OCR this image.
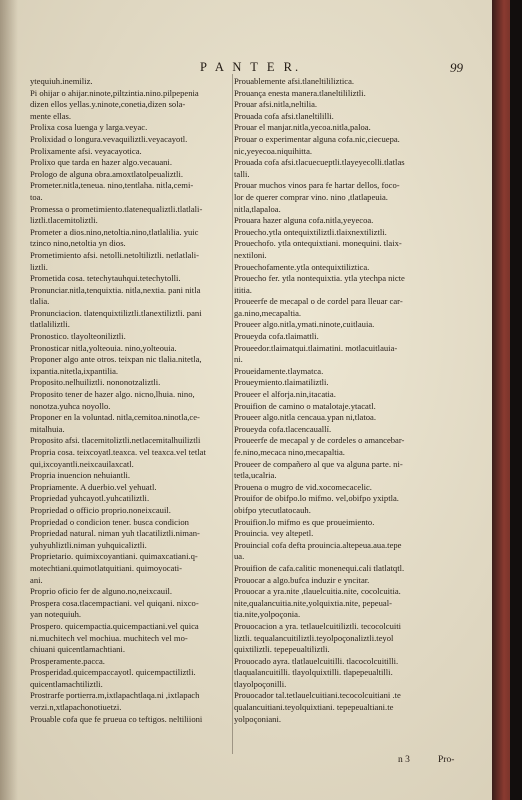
P A N T E R.	99
ytequiuh.inemiliz.
Pi ohijar o ahijar.ninote,piltzintia.nino.pilpepenia
dizen ellos yellas.y.ninote,conetia,dizen sola-
mente ellas.
Prolixa cosa luenga y larga.veyac.
Prolixidad o longura.vevaquiliztli.veyacayotl.
Prolixamente afsi. veyacayotica.
Prolixo que tarda en hazer algo.vecauani.
Prologo de alguna obra.amoxtlatolpeualiztli.
Prometer.nitla,teneua. nino,tentlaha. nitla,cemi-
toa.
Promessa o prometimiento.tlatenequaliztli.tlatlali-
liztli.tlacemitoliztli.
Prometer a dios.nino,netoltia.nino,tlatlalilia. yuic
tzinco nino,netoltia yn dios.
Prometimiento afsi. netolli.netoltiliztli. netlatlali-
liztli.
Prometida cosa. tetechytauhqui.tetechytolli.
Pronunciar.nitla,tenquixtia. nitla,nextia. pani nitla
tlalia.
Pronunciacion. tlatenquixtiliztli.tlanextiliztli. pani
tlatlaliliztli.
Pronostico. tlayolteoniliztli.
Pronosticar nitla,yolteouia. nino,yolteouia.
Proponer algo ante otros. teixpan nic tlalia.nitetla,
ixpantia.nitetla,ixpantilia.
Proposito.nelhuiliztli. nononotzaliztli.
Proposito tener de hazer algo. nicno,lhuia. nino,
nonotza.yuhca noyollo.
Proponer en la voluntad. nitla,cemitoa.ninotla,ce-
mitalhuia.
Proposito afsi. tlacemitoliztli.netlacemitalhuiliztli
Propria cosa. teixcoyatl.teaxca. vel teaxca.vel tetlat
qui,ixcoyantli.neixcauilaxcatl.
Propria inuencion nehuiantli.
Propriamente. A duerbio.vel yehuatl.
Propriedad yuhcayotl.yuhcatiliztli.
Propriedad o officio proprio.noneixcauil.
Propriedad o condicion tener. busca condicion
Propriedad natural. niman yuh tlacatiliztli.niman-
yuhyuhliztli.niman yuhquicaliztli.
Proprietario. quimixcoyantiani. quimaxcatiani.q-
motechtiani.quimotlatquitiani. quimoyocati-
ani.
Proprio oficio fer de alguno.no,neixcauil.
Prospera cosa.tlacempactiani. vel quiqani. nixco-
yan notequiuh.
Prospero. quicempactia.quicempactiani.vel quica
ni.muchitech vel mochiua. muchitech vel mo-
chiuani quicentlamachtiani.
Prosperamente.pacca.
Prosperidad.quicempaccayotl. quicempactiliztli.
quicentlamachtiliztli.
Prostrarfe portierra.m,ixtlapachtlaqa.ni ,ixtlapach
verzi.n,xtlapachonotiuetzi.
Prouable cofa que fe prueua co teftigos. neltiliioni
Prouablemente afsi.tlaneltililiztica.
Prouança enesta manera.tlaneltililiztli.
Prouar afsi.nitla,neltilia.
Prouada cofa afsi.tlaneltililli.
Prouar el manjar.nitla,yecoa.nitla,paloa.
Prouar o experimentar alguna cofa.nic,ciecuepa.
nic,yeyecoa.niquihitta.
Prouada cofa afsi.tlacuecueptli.tlayeyecolli.tlatlas
talli.
Prouar muchos vinos para fe hartar dellos, foco-
lor de querer comprar vino. nino ,tlatlapeuia.
nitla,tlapaloa.
Prouara hazer alguna cofa.nitla,yeyecoa.
Prouecho.ytla ontequixtiliztli.tlaixnextiliztli.
Prouechofo. ytla ontequixtiani. monequini. tlaix-
nextiloni.
Prouechofamente.ytla ontequixtiliztica.
Prouecho fer. ytla nontequixtia. ytla ytechpa nicte
ititia.
Proueerfe de mecapal o de cordel para lleuar car-
ga.nino,mecapaltia.
Proueer algo.nitla,ymati.ninote,cuitlauia.
Proueyda cofa.tlaimattli.
Proueedor.tlaimatqui.tlaimatini. motlacuitlauia-
ni.
Proueidamente.tlaymatca.
Proueymiento.tlaimatiliztli.
Proueer el alforja.nin,itacatia.
Prouifion de camino o matalotaje.ytacatl.
Proueer algo.nitla cencaua.ypan ni,tlatoa.
Proueyda cofa.tlacencauallí.
Proueerfe de mecapal y de cordeles o amancebar-
fe.nino,mecaca nino,mecapaltia.
Proueer de compañero al que va alguna parte. ni-
tetla,ucalria.
Prouena o mugro de vid.xocomecacelic.
Prouifor de obifpo.lo mifmo. vel,obifpo yxiptla.
obifpo ytecutlatocauh.
Prouifion.lo mifmo es que proueimiento.
Prouincia. vey altepetl.
Prouincial cofa defta prouincia.altepeua.aua.tepe
ua.
Prouifion de cafa.calitic monenequi.cali tlatlatqtl.
Prouocar a algo.bufca induzir e yncitar.
Prouocar a yra.nite ,tlauelcuitia.nite, cocolcuitia.
nite,qualancuitia.nite,yolquixtia.nite, pepeual-
tia.nite,yolpoçonia.
Prouocacion a yra. tetlauelcuitiliztli. tecocolcuiti
liztli. tequalancuitiliztli.teyolpoçonaliztli.teyol
quixtiliztli. tepepeualtiliztli.
Prouocado ayra. tlatlauelcuitilli. tlacocolcuitilli.
tlaqualancuitilli. tlayolquixtilli. tlapepeualtilli.
tlayolpoçonilli.
Prouocador tal.tetlauelcuitiani.tecocolcuitiani .te
qualancuitiani.teyolquixtiani. tepepeualtiani.te
yolpoçoniani.
n 3	Pro-
